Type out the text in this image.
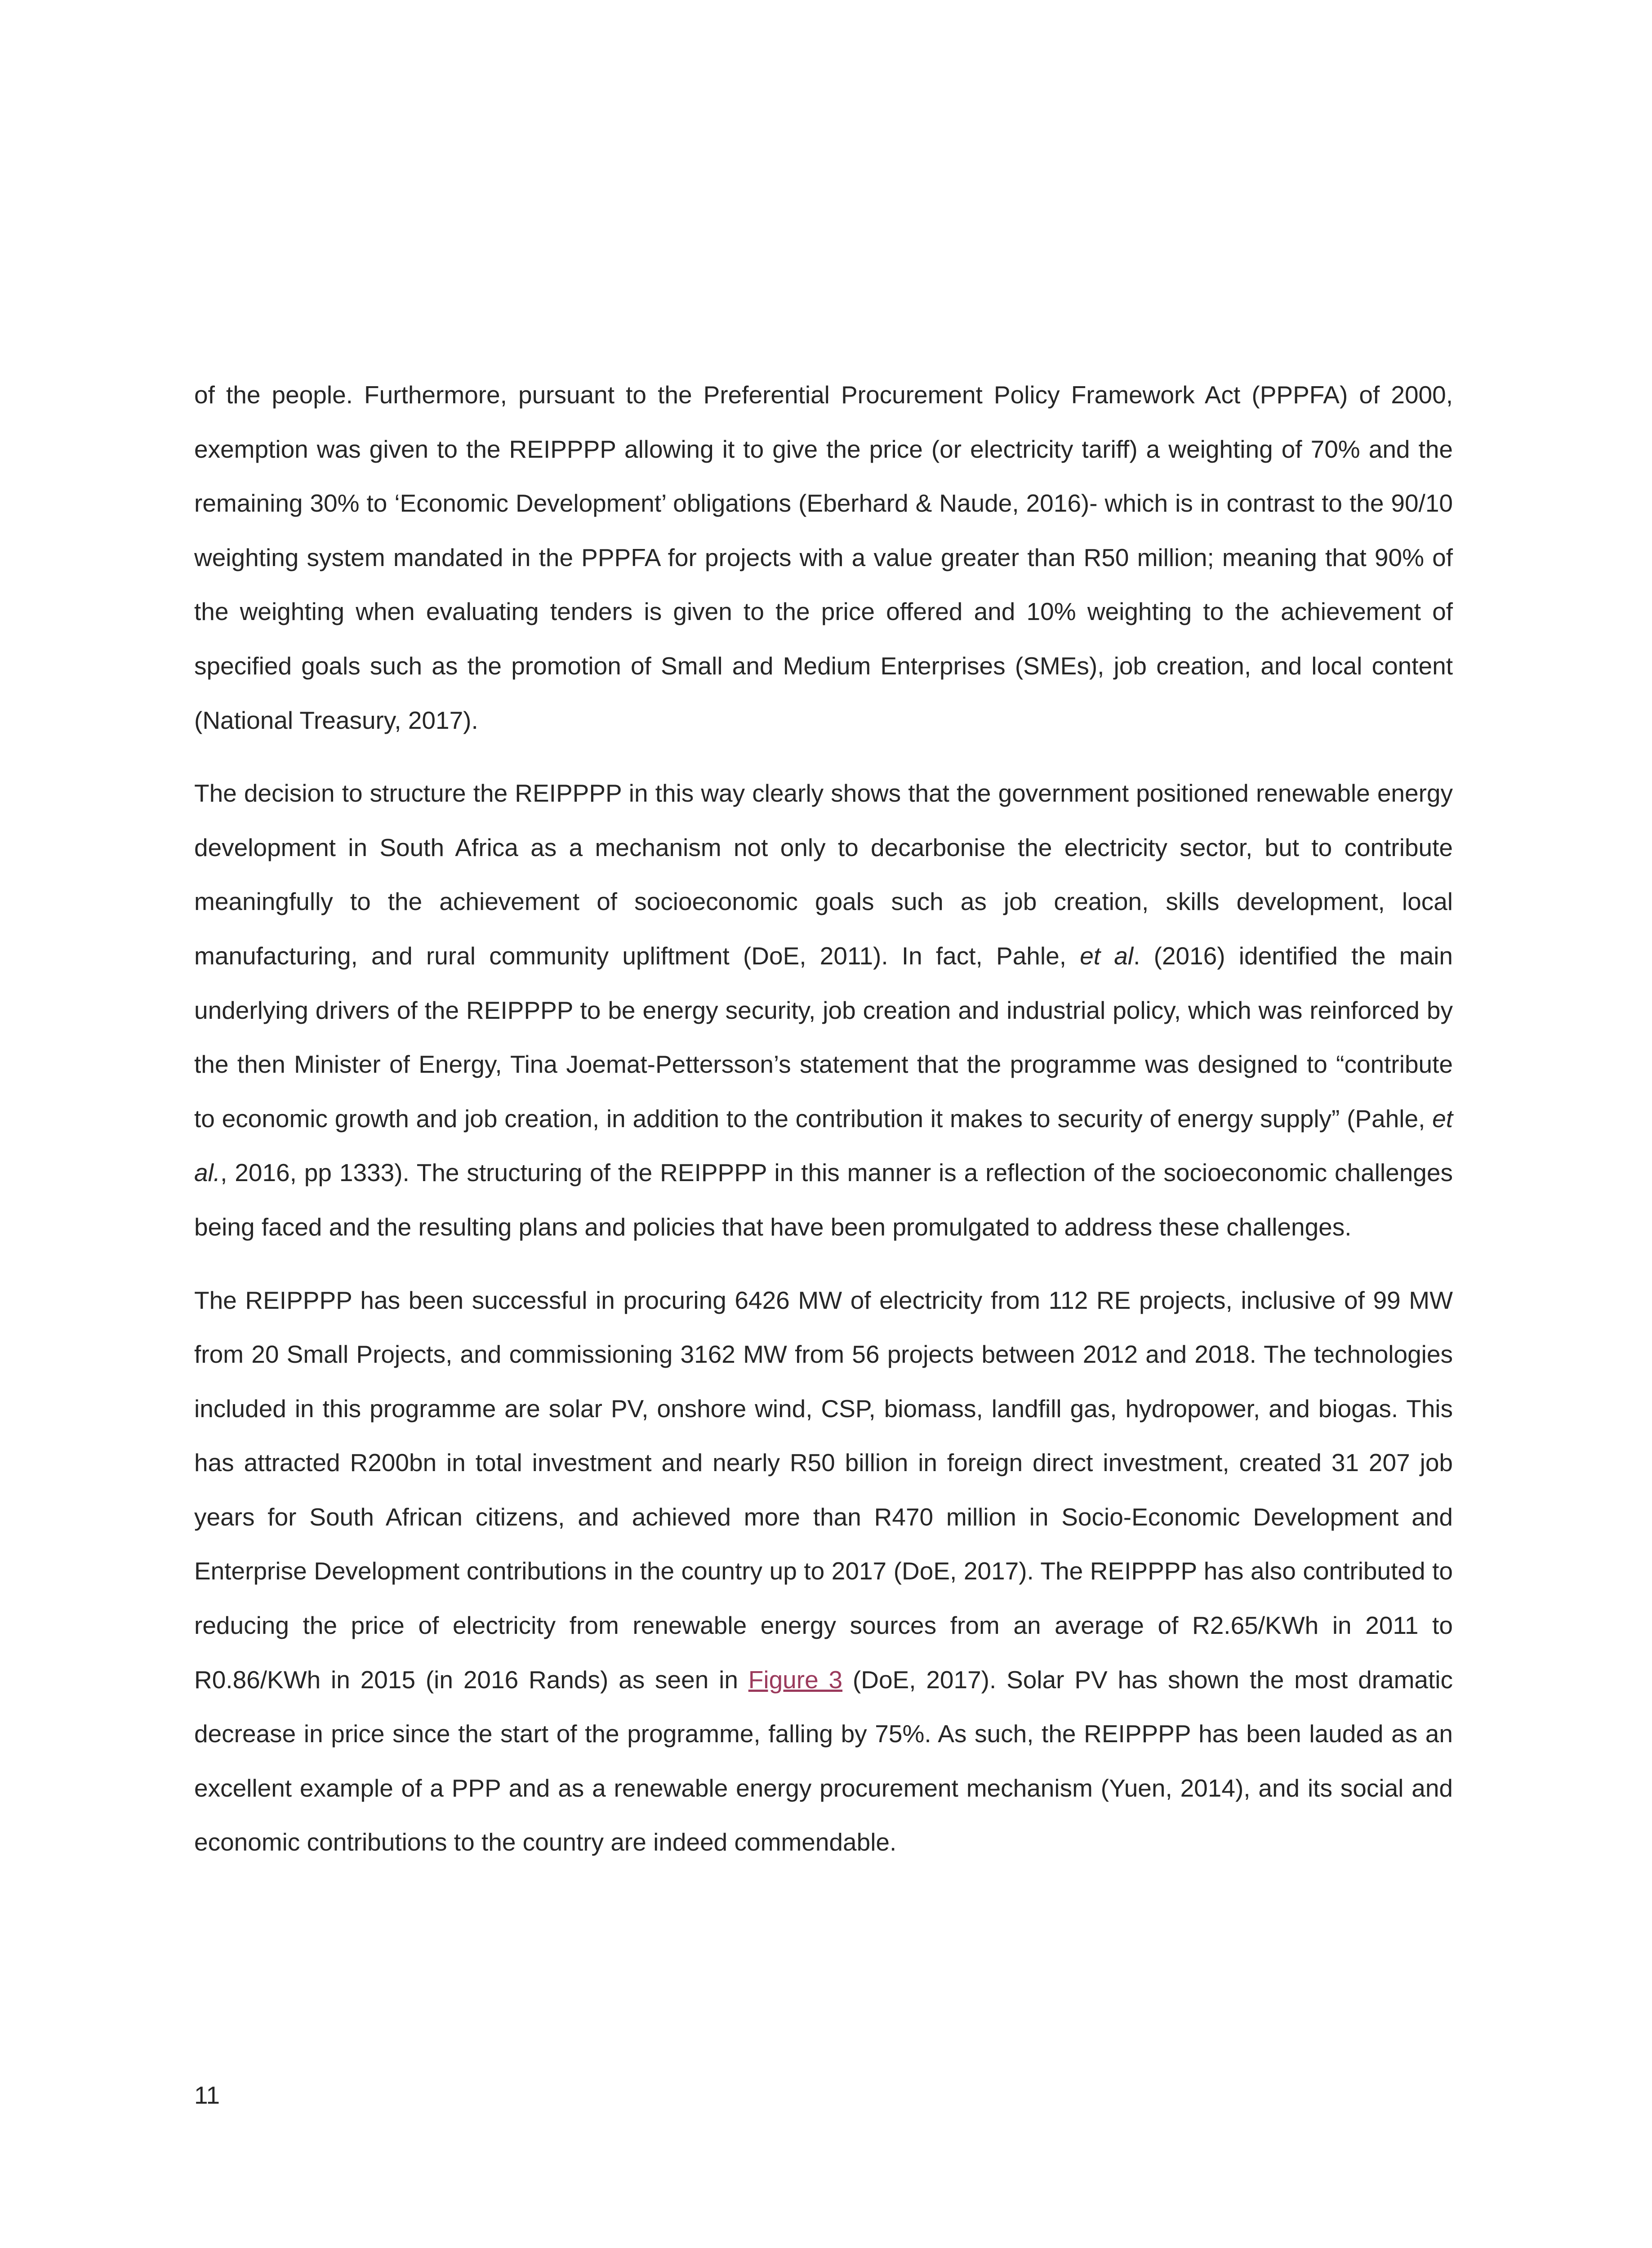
of the people. Furthermore, pursuant to the Preferential Procurement Policy Framework Act (PPPFA) of 2000, exemption was given to the REIPPPP allowing it to give the price (or electricity tariff) a weighting of 70% and the remaining 30% to ‘Economic Development’ obligations (Eberhard & Naude, 2016)- which is in contrast to the 90/10 weighting system mandated in the PPPFA for projects with a value greater than R50 million; meaning that 90% of the weighting when evaluating tenders is given to the price offered and 10% weighting to the achievement of specified goals such as the promotion of Small and Medium Enterprises (SMEs), job creation, and local content (National Treasury, 2017).

The decision to structure the REIPPPP in this way clearly shows that the government positioned renewable energy development in South Africa as a mechanism not only to decarbonise the electricity sector, but to contribute meaningfully to the achievement of socioeconomic goals such as job creation, skills development, local manufacturing, and rural community upliftment (DoE, 2011). In fact, Pahle, et al. (2016) identified the main underlying drivers of the REIPPPP to be energy security, job creation and industrial policy, which was reinforced by the then Minister of Energy, Tina Joemat-Pettersson’s statement that the programme was designed to “contribute to economic growth and job creation, in addition to the contribution it makes to security of energy supply” (Pahle, et al., 2016, pp 1333). The structuring of the REIPPPP in this manner is a reflection of the socioeconomic challenges being faced and the resulting plans and policies that have been promulgated to address these challenges.

The REIPPPP has been successful in procuring 6426 MW of electricity from 112 RE projects, inclusive of 99 MW from 20 Small Projects, and commissioning 3162 MW from 56 projects between 2012 and 2018. The technologies included in this programme are solar PV, onshore wind, CSP, biomass, landfill gas, hydropower, and biogas. This has attracted R200bn in total investment and nearly R50 billion in foreign direct investment, created 31 207 job years for South African citizens, and achieved more than R470 million in Socio-Economic Development and Enterprise Development contributions in the country up to 2017 (DoE, 2017). The REIPPPP has also contributed to reducing the price of electricity from renewable energy sources from an average of R2.65/KWh in 2011 to R0.86/KWh in 2015 (in 2016 Rands) as seen in Figure 3 (DoE, 2017). Solar PV has shown the most dramatic decrease in price since the start of the programme, falling by 75%. As such, the REIPPPP has been lauded as an excellent example of a PPP and as a renewable energy procurement mechanism (Yuen, 2014), and its social and economic contributions to the country are indeed commendable.

11
